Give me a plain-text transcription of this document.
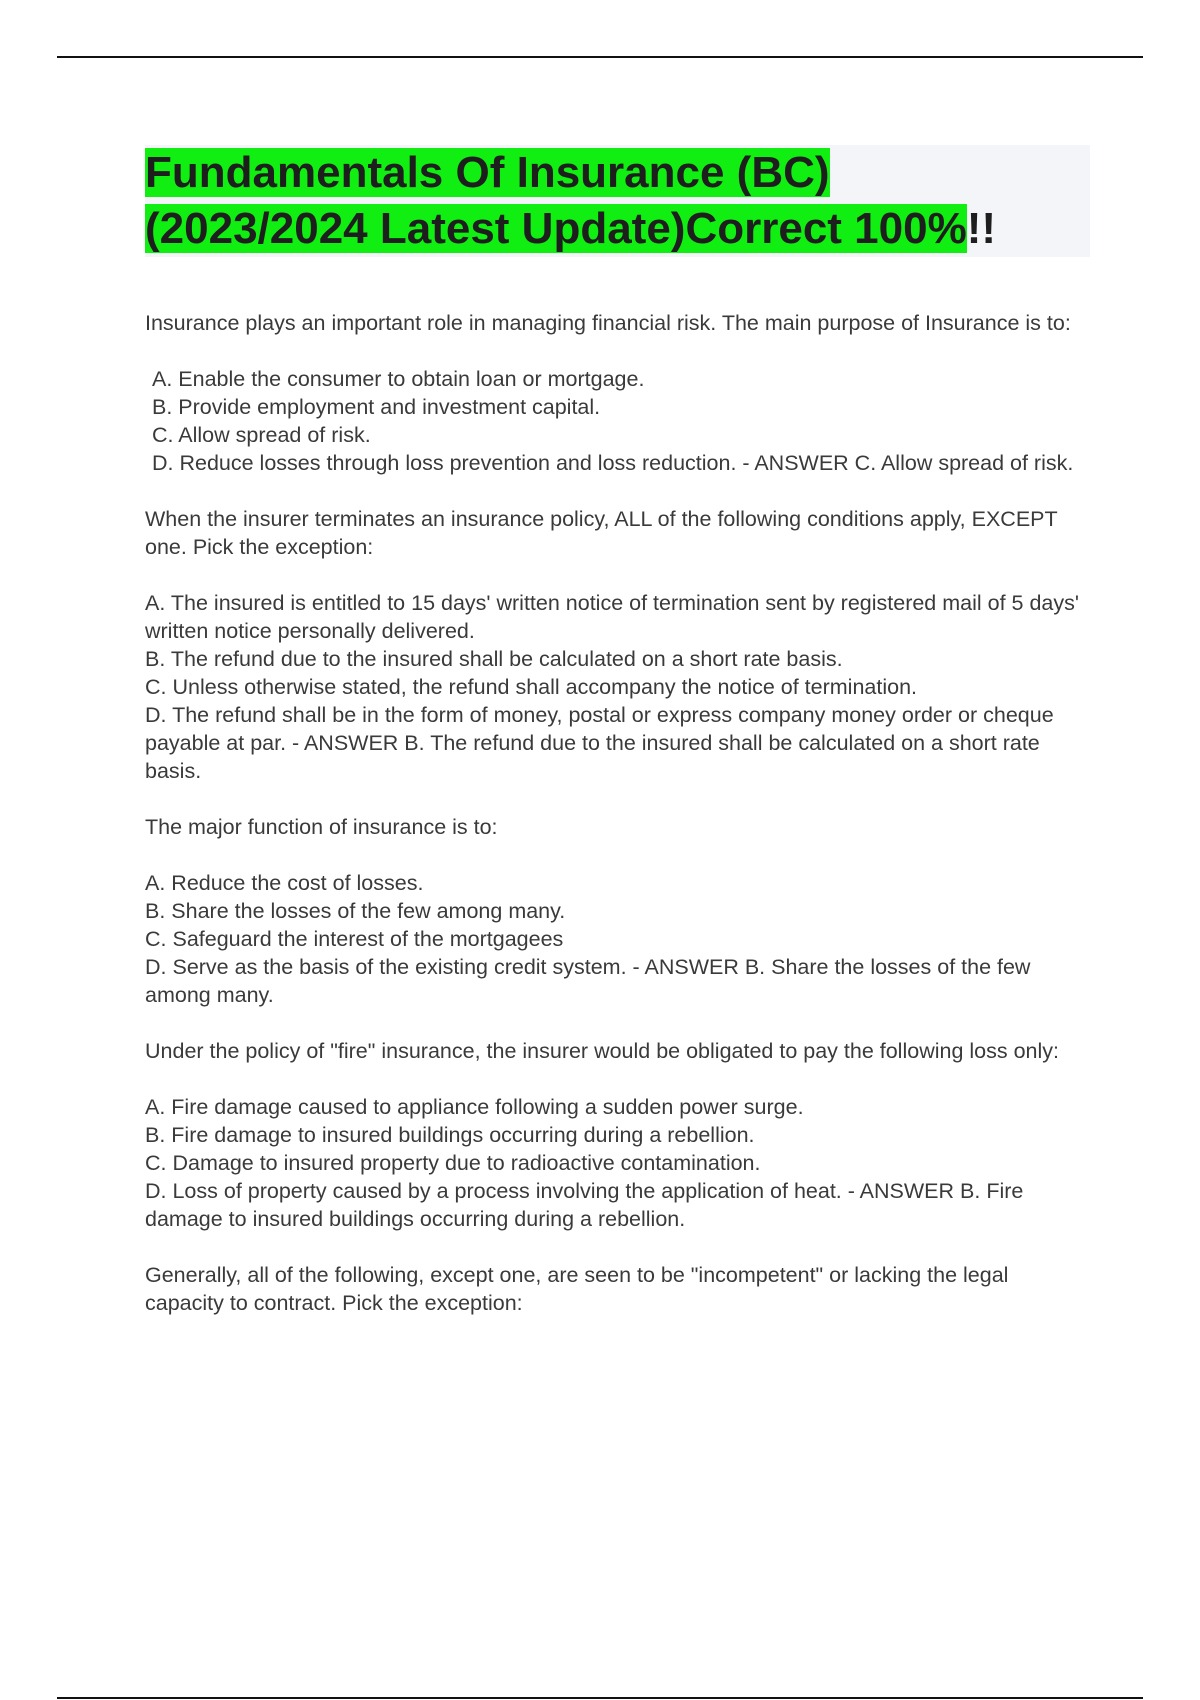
Fundamentals Of Insurance (BC)
(2023/2024 Latest Update)Correct 100%!!

Insurance plays an important role in managing financial risk. The main purpose of Insurance is to:

A. Enable the consumer to obtain loan or mortgage.
B. Provide employment and investment capital.
C. Allow spread of risk.
D. Reduce losses through loss prevention and loss reduction. - ANSWER C. Allow spread of risk.

When the insurer terminates an insurance policy, ALL of the following conditions apply, EXCEPT one. Pick the exception:

A. The insured is entitled to 15 days' written notice of termination sent by registered mail of 5 days' written notice personally delivered.
B. The refund due to the insured shall be calculated on a short rate basis.
C. Unless otherwise stated, the refund shall accompany the notice of termination.
D. The refund shall be in the form of money, postal or express company money order or cheque payable at par. - ANSWER B. The refund due to the insured shall be calculated on a short rate basis.

The major function of insurance is to:

A. Reduce the cost of losses.
B. Share the losses of the few among many.
C. Safeguard the interest of the mortgagees
D. Serve as the basis of the existing credit system. - ANSWER B. Share the losses of the few among many.

Under the policy of "fire" insurance, the insurer would be obligated to pay the following loss only:

A. Fire damage caused to appliance following a sudden power surge.
B. Fire damage to insured buildings occurring during a rebellion.
C. Damage to insured property due to radioactive contamination.
D. Loss of property caused by a process involving the application of heat. - ANSWER B. Fire damage to insured buildings occurring during a rebellion.

Generally, all of the following, except one, are seen to be "incompetent" or lacking the legal capacity to contract. Pick the exception:
